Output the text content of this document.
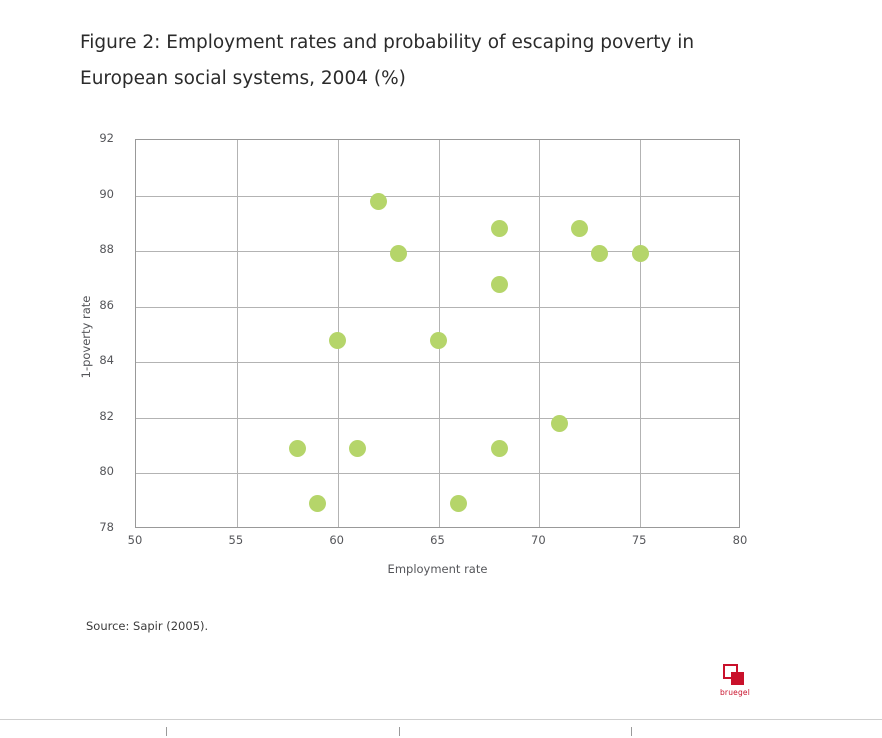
Figure 2: Employment rates and probability of escaping poverty in European social systems, 2004 (%)
50	55	60	65	70	75	80
78
80
82
84
86
88
90
92
Employment rate
1-poverty rate
Source: Sapir (2005).
bruegel
